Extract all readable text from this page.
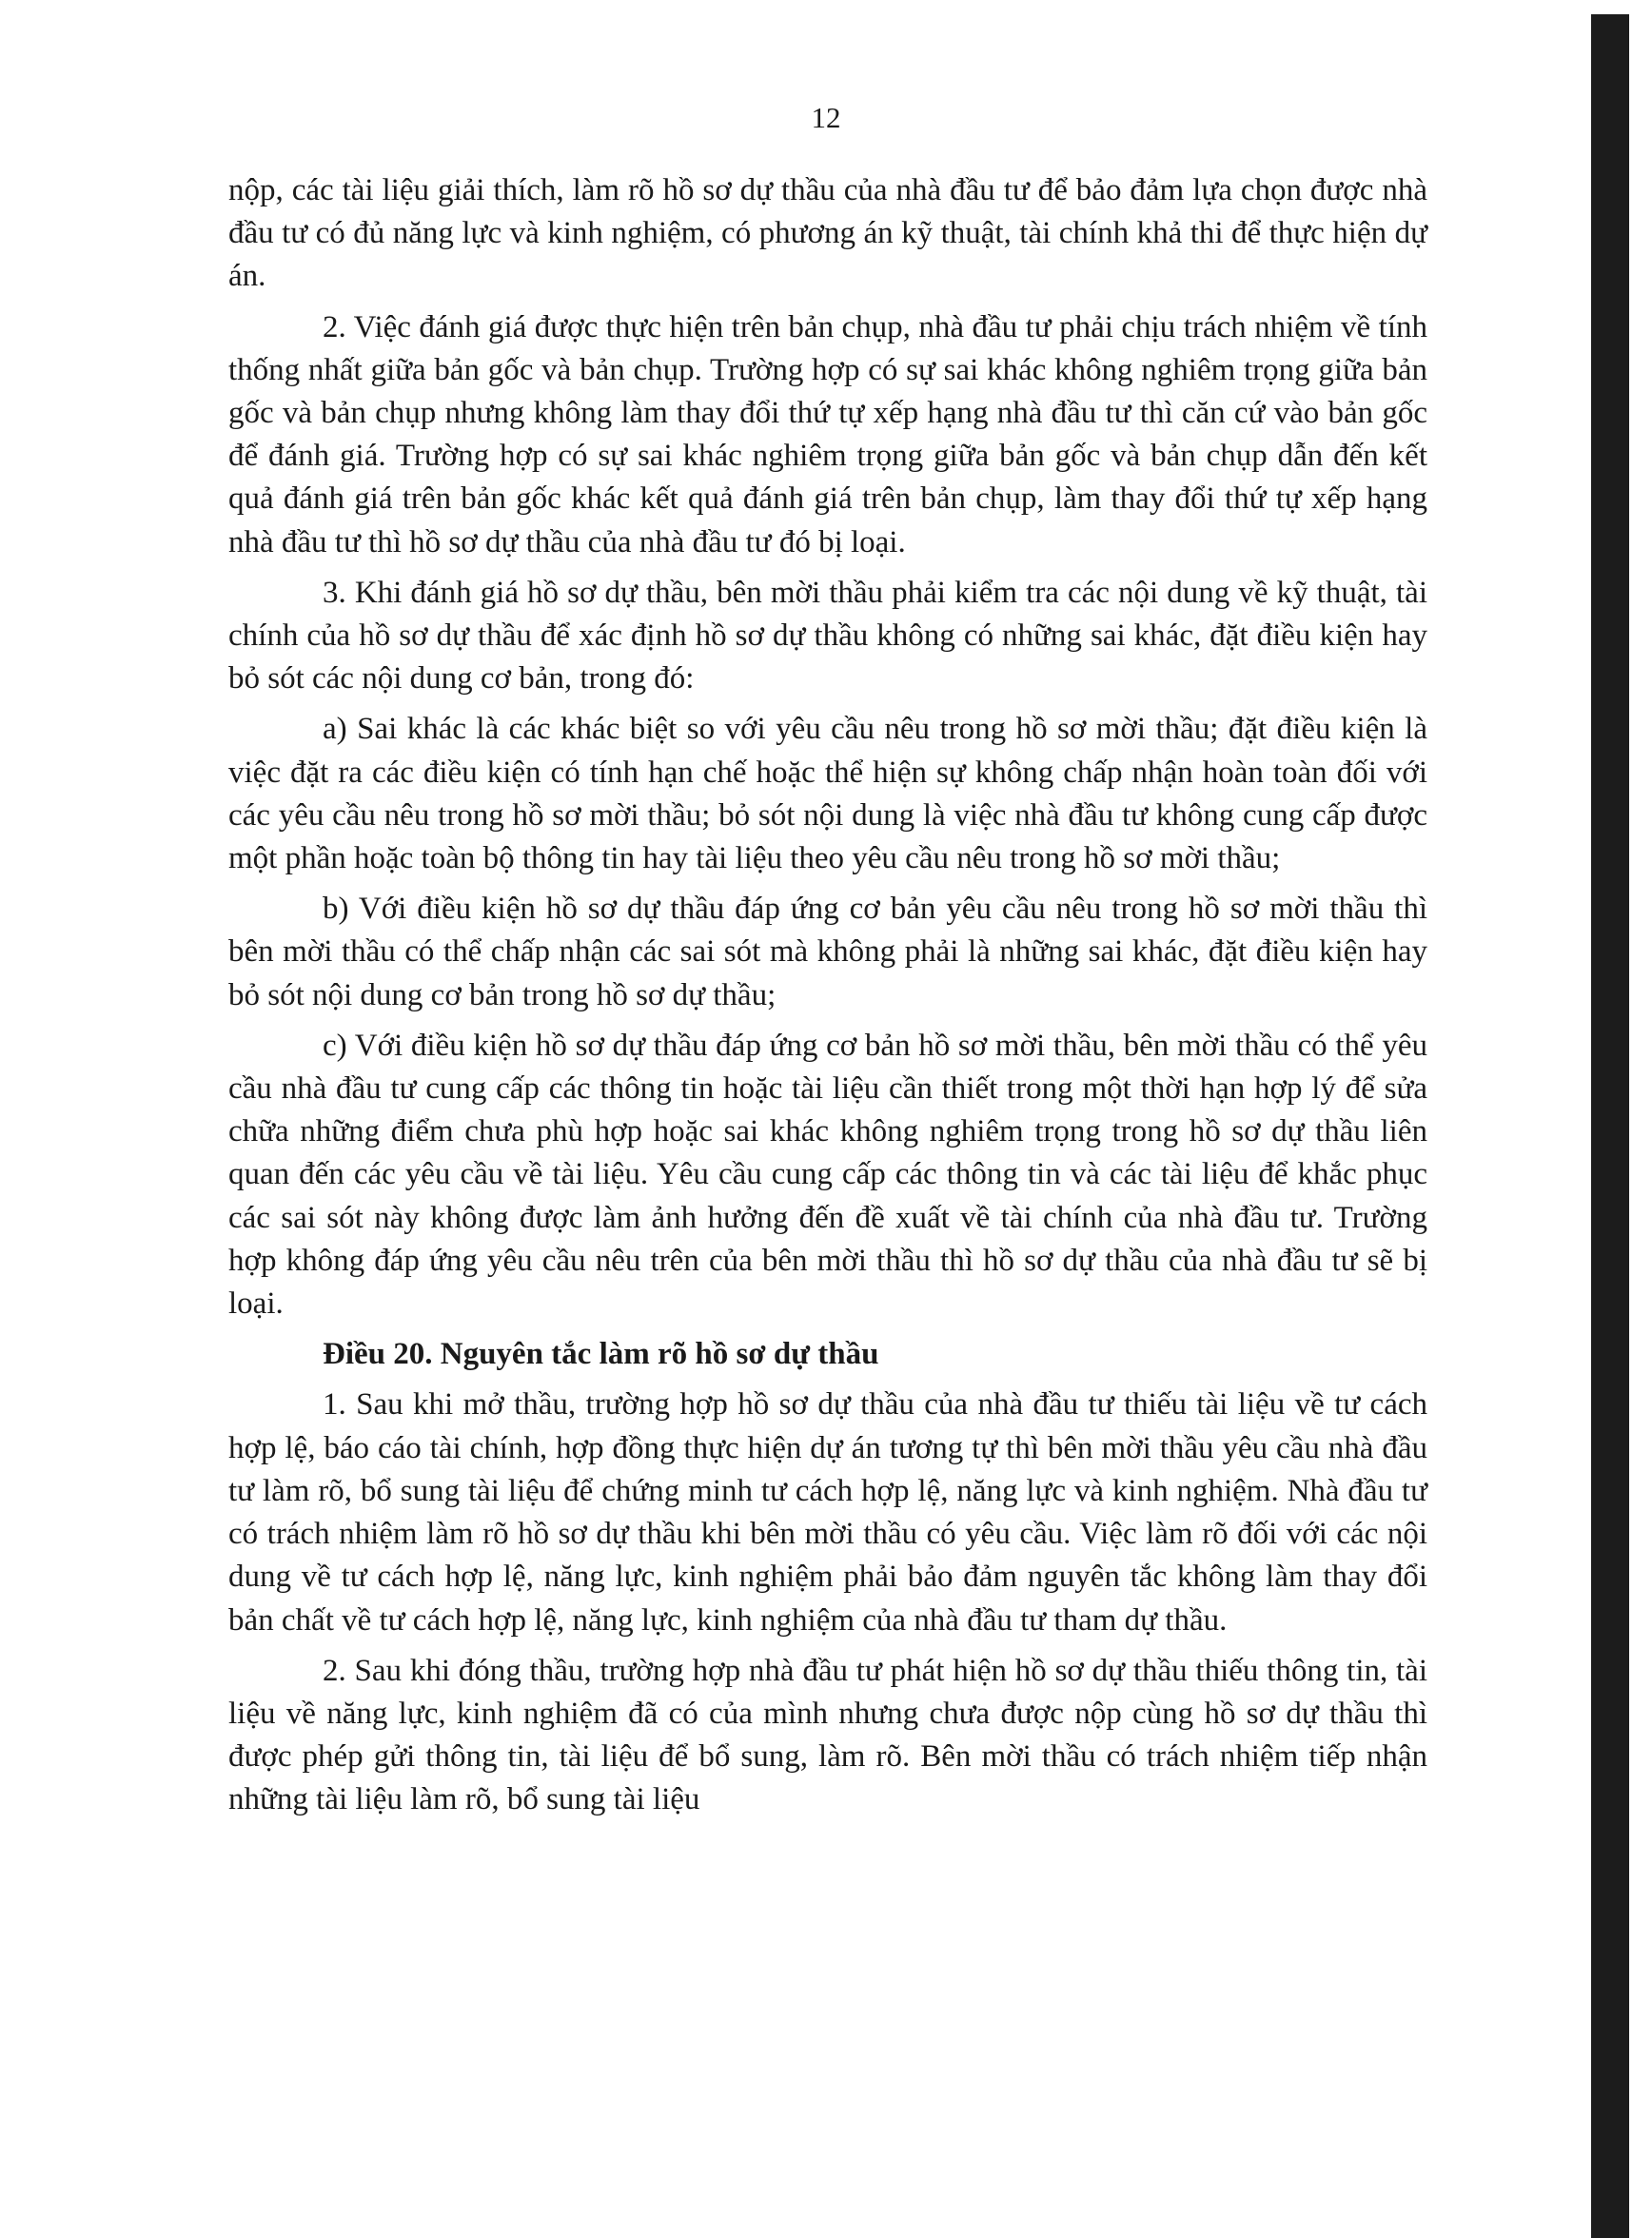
12

nộp, các tài liệu giải thích, làm rõ hồ sơ dự thầu của nhà đầu tư để bảo đảm lựa chọn được nhà đầu tư có đủ năng lực và kinh nghiệm, có phương án kỹ thuật, tài chính khả thi để thực hiện dự án.

2. Việc đánh giá được thực hiện trên bản chụp, nhà đầu tư phải chịu trách nhiệm về tính thống nhất giữa bản gốc và bản chụp. Trường hợp có sự sai khác không nghiêm trọng giữa bản gốc và bản chụp nhưng không làm thay đổi thứ tự xếp hạng nhà đầu tư thì căn cứ vào bản gốc để đánh giá. Trường hợp có sự sai khác nghiêm trọng giữa bản gốc và bản chụp dẫn đến kết quả đánh giá trên bản gốc khác kết quả đánh giá trên bản chụp, làm thay đổi thứ tự xếp hạng nhà đầu tư thì hồ sơ dự thầu của nhà đầu tư đó bị loại.

3. Khi đánh giá hồ sơ dự thầu, bên mời thầu phải kiểm tra các nội dung về kỹ thuật, tài chính của hồ sơ dự thầu để xác định hồ sơ dự thầu không có những sai khác, đặt điều kiện hay bỏ sót các nội dung cơ bản, trong đó:

a) Sai khác là các khác biệt so với yêu cầu nêu trong hồ sơ mời thầu; đặt điều kiện là việc đặt ra các điều kiện có tính hạn chế hoặc thể hiện sự không chấp nhận hoàn toàn đối với các yêu cầu nêu trong hồ sơ mời thầu; bỏ sót nội dung là việc nhà đầu tư không cung cấp được một phần hoặc toàn bộ thông tin hay tài liệu theo yêu cầu nêu trong hồ sơ mời thầu;

b) Với điều kiện hồ sơ dự thầu đáp ứng cơ bản yêu cầu nêu trong hồ sơ mời thầu thì bên mời thầu có thể chấp nhận các sai sót mà không phải là những sai khác, đặt điều kiện hay bỏ sót nội dung cơ bản trong hồ sơ dự thầu;

c) Với điều kiện hồ sơ dự thầu đáp ứng cơ bản hồ sơ mời thầu, bên mời thầu có thể yêu cầu nhà đầu tư cung cấp các thông tin hoặc tài liệu cần thiết trong một thời hạn hợp lý để sửa chữa những điểm chưa phù hợp hoặc sai khác không nghiêm trọng trong hồ sơ dự thầu liên quan đến các yêu cầu về tài liệu. Yêu cầu cung cấp các thông tin và các tài liệu để khắc phục các sai sót này không được làm ảnh hưởng đến đề xuất về tài chính của nhà đầu tư. Trường hợp không đáp ứng yêu cầu nêu trên của bên mời thầu thì hồ sơ dự thầu của nhà đầu tư sẽ bị loại.

Điều 20. Nguyên tắc làm rõ hồ sơ dự thầu

1. Sau khi mở thầu, trường hợp hồ sơ dự thầu của nhà đầu tư thiếu tài liệu về tư cách hợp lệ, báo cáo tài chính, hợp đồng thực hiện dự án tương tự thì bên mời thầu yêu cầu nhà đầu tư làm rõ, bổ sung tài liệu để chứng minh tư cách hợp lệ, năng lực và kinh nghiệm. Nhà đầu tư có trách nhiệm làm rõ hồ sơ dự thầu khi bên mời thầu có yêu cầu. Việc làm rõ đối với các nội dung về tư cách hợp lệ, năng lực, kinh nghiệm phải bảo đảm nguyên tắc không làm thay đổi bản chất về tư cách hợp lệ, năng lực, kinh nghiệm của nhà đầu tư tham dự thầu.

2. Sau khi đóng thầu, trường hợp nhà đầu tư phát hiện hồ sơ dự thầu thiếu thông tin, tài liệu về năng lực, kinh nghiệm đã có của mình nhưng chưa được nộp cùng hồ sơ dự thầu thì được phép gửi thông tin, tài liệu để bổ sung, làm rõ. Bên mời thầu có trách nhiệm tiếp nhận những tài liệu làm rõ, bổ sung tài liệu
